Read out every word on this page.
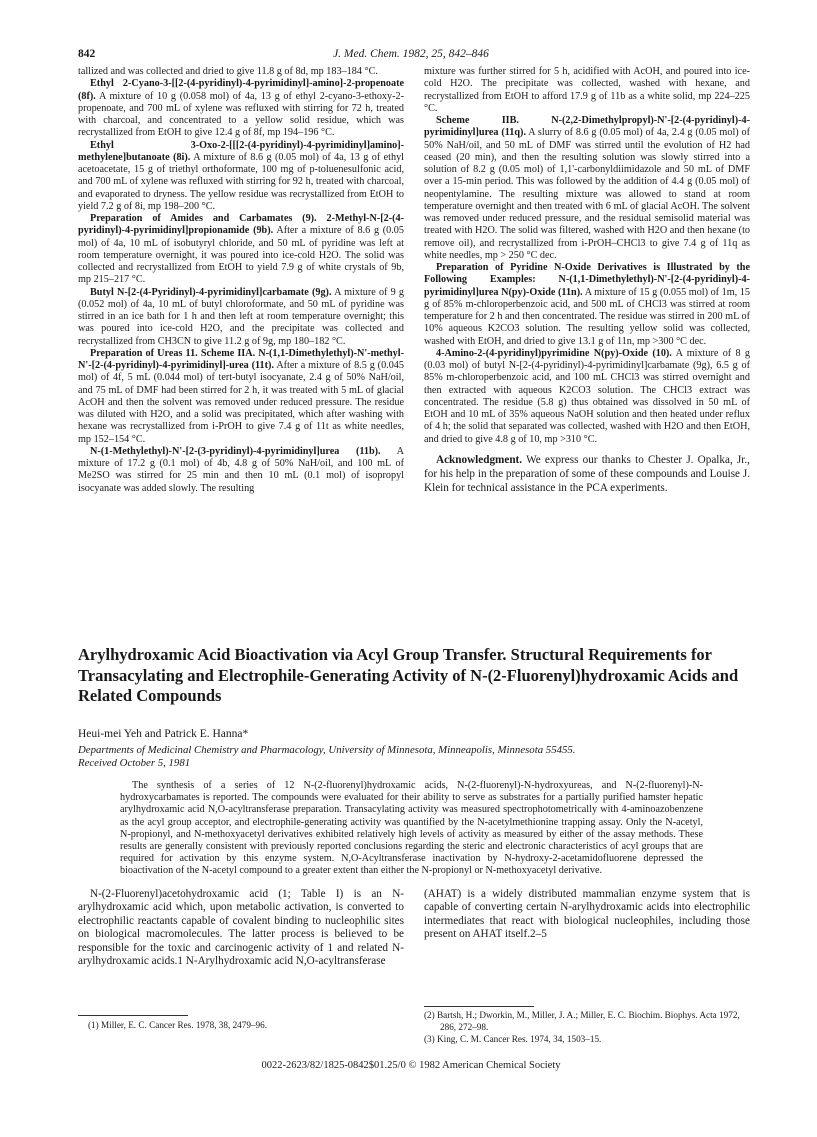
842	J. Med. Chem. 1982, 25, 842–846

tallized and was collected and dried to give 11.8 g of 8d, mp 183–184 °C.

Ethyl 2-Cyano-3-[[2-(4-pyridinyl)-4-pyrimidinyl]-amino]-2-propenoate (8f). A mixture of 10 g (0.058 mol) of 4a, 13 g of ethyl 2-cyano-3-ethoxy-2-propenoate, and 700 mL of xylene was refluxed with stirring for 72 h, treated with charcoal, and concentrated to a yellow solid residue, which was recrystallized from EtOH to give 12.4 g of 8f, mp 194–196 °C.

Ethyl 3-Oxo-2-[[[2-(4-pyridinyl)-4-pyrimidinyl]amino]-methylene]butanoate (8i). A mixture of 8.6 g (0.05 mol) of 4a, 13 g of ethyl acetoacetate, 15 g of triethyl orthoformate, 100 mg of p-toluenesulfonic acid, and 700 mL of xylene was refluxed with stirring for 92 h, treated with charcoal, and evaporated to dryness. The yellow residue was recrystallized from EtOH to yield 7.2 g of 8i, mp 198–200 °C.

Preparation of Amides and Carbamates (9). 2-Methyl-N-[2-(4-pyridinyl)-4-pyrimidinyl]propionamide (9b). After a mixture of 8.6 g (0.05 mol) of 4a, 10 mL of isobutyryl chloride, and 50 mL of pyridine was left at room temperature overnight, it was poured into ice-cold H2O. The solid was collected and recrystallized from EtOH to yield 7.9 g of white crystals of 9b, mp 215–217 °C.

Butyl N-[2-(4-Pyridinyl)-4-pyrimidinyl]carbamate (9g). A mixture of 9 g (0.052 mol) of 4a, 10 mL of butyl chloroformate, and 50 mL of pyridine was stirred in an ice bath for 1 h and then left at room temperature overnight; this was poured into ice-cold H2O, and the precipitate was collected and recrystallized from CH3CN to give 11.2 g of 9g, mp 180–182 °C.

Preparation of Ureas 11. Scheme IIA. N-(1,1-Dimethylethyl)-N'-methyl-N'-[2-(4-pyridinyl)-4-pyrimidinyl]-urea (11t). After a mixture of 8.5 g (0.045 mol) of 4f, 5 mL (0.044 mol) of tert-butyl isocyanate, 2.4 g of 50% NaH/oil, and 75 mL of DMF had been stirred for 2 h, it was treated with 5 mL of glacial AcOH and then the solvent was removed under reduced pressure. The residue was diluted with H2O, and a solid was precipitated, which after washing with hexane was recrystallized from i-PrOH to give 7.4 g of 11t as white needles, mp 152–154 °C.

N-(1-Methylethyl)-N'-[2-(3-pyridinyl)-4-pyrimidinyl]urea (11b). A mixture of 17.2 g (0.1 mol) of 4b, 4.8 g of 50% NaH/oil, and 100 mL of Me2SO was stirred for 25 min and then 10 mL (0.1 mol) of isopropyl isocyanate was added slowly. The resulting

mixture was further stirred for 5 h, acidified with AcOH, and poured into ice-cold H2O. The precipitate was collected, washed with hexane, and recrystallized from EtOH to afford 17.9 g of 11b as a white solid, mp 224–225 °C.

Scheme IIB. N-(2,2-Dimethylpropyl)-N'-[2-(4-pyridinyl)-4-pyrimidinyl]urea (11q). A slurry of 8.6 g (0.05 mol) of 4a, 2.4 g (0.05 mol) of 50% NaH/oil, and 50 mL of DMF was stirred until the evolution of H2 had ceased (20 min), and then the resulting solution was slowly stirred into a solution of 8.2 g (0.05 mol) of 1,1'-carbonyldiimidazole and 50 mL of DMF over a 15-min period. This was followed by the addition of 4.4 g (0.05 mol) of neopentylamine. The resulting mixture was allowed to stand at room temperature overnight and then treated with 6 mL of glacial AcOH. The solvent was removed under reduced pressure, and the residual semisolid material was treated with H2O. The solid was filtered, washed with H2O and then hexane (to remove oil), and recrystallized from i-PrOH–CHCl3 to give 7.4 g of 11q as white needles, mp > 250 °C dec.

Preparation of Pyridine N-Oxide Derivatives is Illustrated by the Following Examples: N-(1,1-Dimethylethyl)-N'-[2-(4-pyridinyl)-4-pyrimidinyl]urea N(py)-Oxide (11n). A mixture of 15 g (0.055 mol) of 1m, 15 g of 85% m-chloroperbenzoic acid, and 500 mL of CHCl3 was stirred at room temperature for 2 h and then concentrated. The residue was stirred in 200 mL of 10% aqueous K2CO3 solution. The resulting yellow solid was collected, washed with EtOH, and dried to give 13.1 g of 11n, mp >300 °C dec.

4-Amino-2-(4-pyridinyl)pyrimidine N(py)-Oxide (10). A mixture of 8 g (0.03 mol) of butyl N-[2-(4-pyridinyl)-4-pyrimidinyl]carbamate (9g), 6.5 g of 85% m-chloroperbenzoic acid, and 100 mL CHCl3 was stirred overnight and then extracted with aqueous K2CO3 solution. The CHCl3 extract was concentrated. The residue (5.8 g) thus obtained was dissolved in 50 mL of EtOH and 10 mL of 35% aqueous NaOH solution and then heated under reflux of 4 h; the solid that separated was collected, washed with H2O and then EtOH, and dried to give 4.8 g of 10, mp >310 °C.

Acknowledgment. We express our thanks to Chester J. Opalka, Jr., for his help in the preparation of some of these compounds and Louise J. Klein for technical assistance in the PCA experiments.

Arylhydroxamic Acid Bioactivation via Acyl Group Transfer. Structural Requirements for Transacylating and Electrophile-Generating Activity of N-(2-Fluorenyl)hydroxamic Acids and Related Compounds
Heui-mei Yeh and Patrick E. Hanna*
Departments of Medicinal Chemistry and Pharmacology, University of Minnesota, Minneapolis, Minnesota 55455.
Received October 5, 1981
The synthesis of a series of 12 N-(2-fluorenyl)hydroxamic acids, N-(2-fluorenyl)-N-hydroxyureas, and N-(2-fluorenyl)-N-hydroxycarbamates is reported. The compounds were evaluated for their ability to serve as substrates for a partially purified hamster hepatic arylhydroxamic acid N,O-acyltransferase preparation. Transacylating activity was measured spectrophotometrically with 4-aminoazobenzene as the acyl group acceptor, and electrophile-generating activity was quantified by the N-acetylmethionine trapping assay. Only the N-acetyl, N-propionyl, and N-methoxyacetyl derivatives exhibited relatively high levels of activity as measured by either of the assay methods. These results are generally consistent with previously reported conclusions regarding the steric and electronic characteristics of acyl groups that are required for activation by this enzyme system. N,O-Acyltransferase inactivation by N-hydroxy-2-acetamidofluorene depressed the bioactivation of the N-acetyl compound to a greater extent than either the N-propionyl or N-methoxyacetyl derivative.
N-(2-Fluorenyl)acetohydroxamic acid (1; Table I) is an N-arylhydroxamic acid which, upon metabolic activation, is converted to electrophilic reactants capable of covalent binding to nucleophilic sites on biological macromolecules. The latter process is believed to be responsible for the toxic and carcinogenic activity of 1 and related N-arylhydroxamic acids.1 N-Arylhydroxamic acid N,O-acyltransferase
(AHAT) is a widely distributed mammalian enzyme system that is capable of converting certain N-arylhydroxamic acids into electrophilic intermediates that react with biological nucleophiles, including those present on AHAT itself.2–5
(1) Miller, E. C. Cancer Res. 1978, 38, 2479–96.
(2) Bartsh, H.; Dworkin, M., Miller, J. A.; Miller, E. C. Biochim. Biophys. Acta 1972, 286, 272–98.
(3) King, C. M. Cancer Res. 1974, 34, 1503–15.
0022-2623/82/1825-0842$01.25/0 © 1982 American Chemical Society
